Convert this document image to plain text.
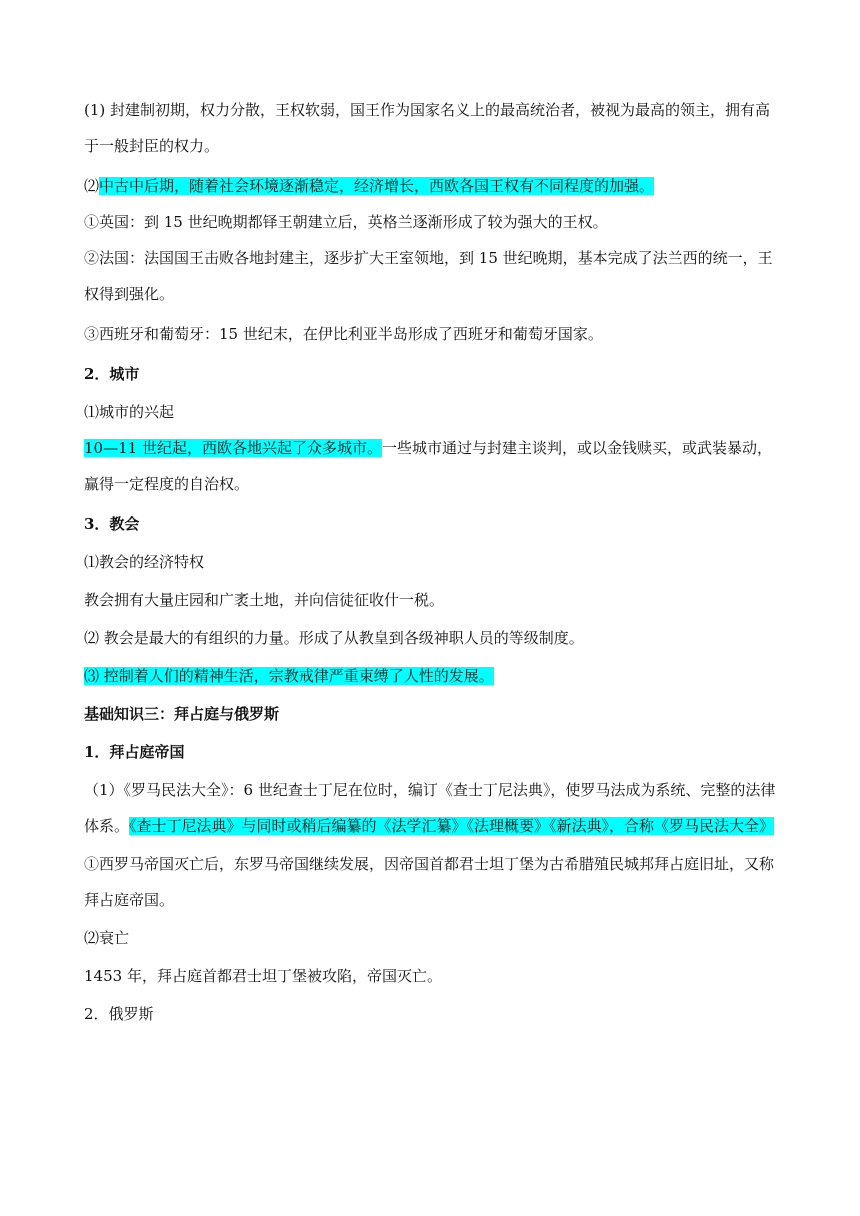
(1) 封建制初期，权力分散，王权软弱，国王作为国家名义上的最高统治者，被视为最高的领主，拥有高于一般封臣的权力。

⑵中古中后期，随着社会环境逐渐稳定，经济增长，西欧各国王权有不同程度的加强。

①英国：到 15 世纪晚期都铎王朝建立后，英格兰逐渐形成了较为强大的王权。

②法国：法国国王击败各地封建主，逐步扩大王室领地，到 15 世纪晚期，基本完成了法兰西的统一，王权得到强化。

③西班牙和葡萄牙：15 世纪末，在伊比利亚半岛形成了西班牙和葡萄牙国家。

2．城市

⑴城市的兴起

10—11 世纪起，西欧各地兴起了众多城市。一些城市通过与封建主谈判，或以金钱赎买，或武装暴动，赢得一定程度的自治权。

3．教会

⑴教会的经济特权

教会拥有大量庄园和广袤土地，并向信徒征收什一税。

⑵ 教会是最大的有组织的力量。形成了从教皇到各级神职人员的等级制度。

⑶ 控制着人们的精神生活，宗教戒律严重束缚了人性的发展。

基础知识三：拜占庭与俄罗斯

1．拜占庭帝国

（1）《罗马民法大全》：6 世纪查士丁尼在位时，编订《查士丁尼法典》，使罗马法成为系统、完整的法律体系。《查士丁尼法典》与同时或稍后编纂的《法学汇纂》《法理概要》《新法典》，合称《罗马民法大全》

①西罗马帝国灭亡后，东罗马帝国继续发展，因帝国首都君士坦丁堡为古希腊殖民城邦拜占庭旧址，又称拜占庭帝国。

⑵衰亡

1453 年，拜占庭首都君士坦丁堡被攻陷，帝国灭亡。

2．俄罗斯
